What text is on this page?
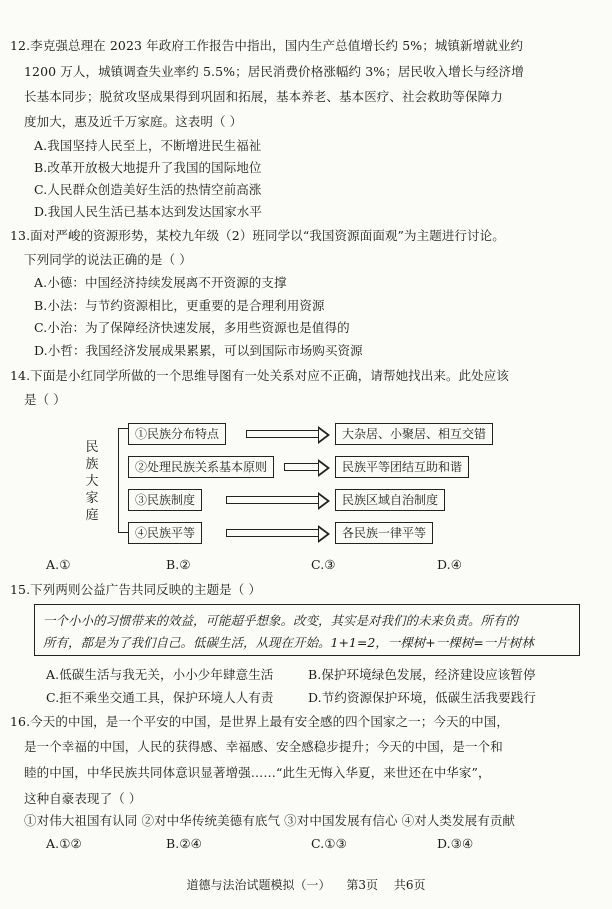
12.李克强总理在 2023 年政府工作报告中指出，国内生产总值增长约 5%；城镇新增就业约
1200 万人，城镇调查失业率约 5.5%；居民消费价格涨幅约 3%；居民收入增长与经济增
长基本同步；脱贫攻坚成果得到巩固和拓展，基本养老、基本医疗、社会救助等保障力
度加大，惠及近千万家庭。这表明（ ）
A.我国坚持人民至上，不断增进民生福祉
B.改革开放极大地提升了我国的国际地位
C.人民群众创造美好生活的热情空前高涨
D.我国人民生活已基本达到发达国家水平
13.面对严峻的资源形势，某校九年级（2）班同学以“我国资源面面观”为主题进行讨论。
下列同学的说法正确的是（ ）
A.小德：中国经济持续发展离不开资源的支撑
B.小法：与节约资源相比，更重要的是合理利用资源
C.小治：为了保障经济快速发展，多用些资源也是值得的
D.小哲：我国经济发展成果累累，可以到国际市场购买资源
14.下面是小红同学所做的一个思维导图有一处关系对应不正确，请帮她找出来。此处应该
是（ ）
民族大家庭
①民族分布特点
②处理民族关系基本原则
③民族制度
④民族平等
大杂居、小聚居、相互交错
民族平等团结互助和谐
民族区域自治制度
各民族一律平等
A.①	B.②	C.③	D.④
15.下列两则公益广告共同反映的主题是（ ）
一个小小的习惯带来的效益，可能超乎想象。改变，其实是对我们的未来负责。所有的
所有，都是为了我们自己。低碳生活，从现在开始。1+1=2，一棵树+一棵树=一片树林
A.低碳生活与我无关，小小少年肆意生活	B.保护环境绿色发展，经济建设应该暂停
C.拒不乘坐交通工具，保护环境人人有责	D.节约资源保护环境，低碳生活我要践行
16.今天的中国，是一个平安的中国，是世界上最有安全感的四个国家之一；今天的中国，
是一个幸福的中国，人民的获得感、幸福感、安全感稳步提升；今天的中国，是一个和
睦的中国，中华民族共同体意识显著增强……“此生无悔入华夏，来世还在中华家”，
这种自豪表现了（ ）
①对伟大祖国有认同 ②对中华传统美德有底气 ③对中国发展有信心 ④对人类发展有贡献
A.①②	B.②④	C.①③	D.③④
道德与法治试题模拟（一） 第3页 共6页
